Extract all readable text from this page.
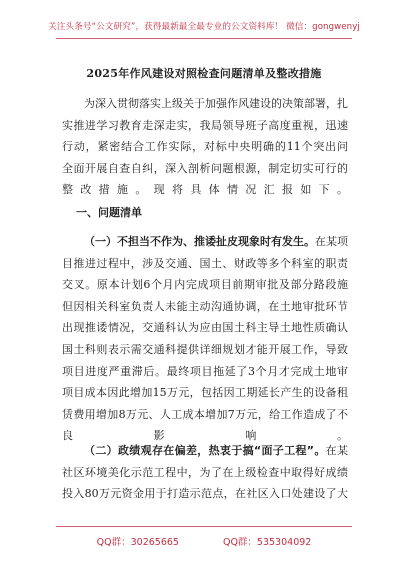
关注头条号“公文研究”，获得最新最全最专业的公文资料库！ 微信：gongwenyj
2025年作风建设对照检查问题清单及整改措施
为深入贯彻落实上级关于加强作风建设的决策部署，扎
实推进学习教育走深走实，我局领导班子高度重视，迅速
行动，紧密结合工作实际，对标中央明确的11个突出问
全面开展自查自纠，深入剖析问题根源，制定切实可行的
整改措施。现将具体情况汇报如下。
一、问题清单
（一）不担当不作为、推诿扯皮现象时有发生。在某项
目推进过程中，涉及交通、国土、财政等多个科室的职责
交叉。原本计划6个月内完成项目前期审批及部分路段施
但因相关科室负责人未能主动沟通协调，在土地审批环节
出现推诿情况，交通科认为应由国土科主导土地性质确认
国土科则表示需交通科提供详细规划才能开展工作，导致
项目进度严重滞后。最终项目拖延了3个月才完成土地审
项目成本因此增加15万元，包括因工期延长产生的设备租
赁费用增加8万元、人工成本增加7万元，给工作造成了不
良影响。
（二）政绩观存在偏差，热衷于搞“面子工程”。在某
社区环境美化示范工程中，为了在上级检查中取得好成绩
投入80万元资金用于打造示范点，在社区入口处建设了大
QQ群：30265665	QQ群：535304092
